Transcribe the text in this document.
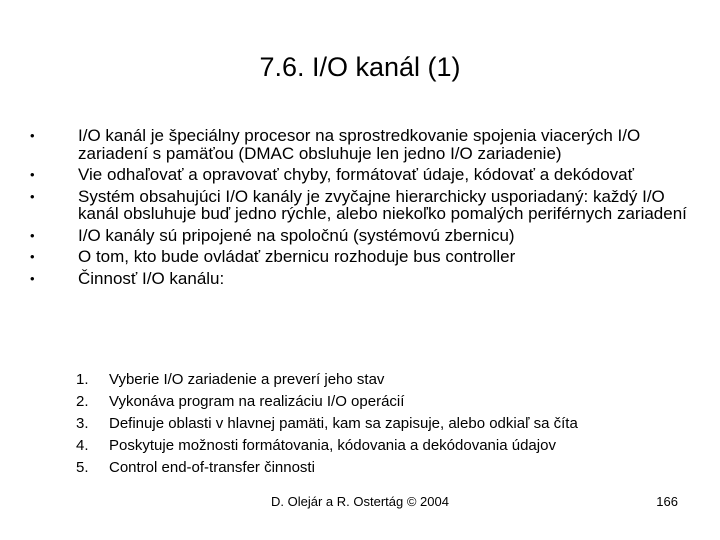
7.6. I/O kanál (1)
•	I/O kanál je špeciálny procesor na sprostredkovanie spojenia viacerých I/O zariadení s pamäťou (DMAC obsluhuje len jedno I/O zariadenie)
•	Vie odhaľovať a opravovať chyby, formátovať údaje, kódovať a dekódovať
•	Systém obsahujúci I/O kanály je zvyčajne hierarchicky usporiadaný: každý I/O kanál obsluhuje buď jedno rýchle, alebo niekoľko pomalých periférnych zariadení
•	I/O kanály sú pripojené na spoločnú (systémovú zbernicu)
•	O tom, kto bude ovládať zbernicu rozhoduje bus controller
•	Činnosť I/O kanálu:
1. Vyberie I/O zariadenie a preverí jeho stav
2. Vykonáva program na realizáciu I/O operácií
3. Definuje oblasti v hlavnej pamäti, kam sa zapisuje, alebo odkiaľ sa číta
4. Poskytuje možnosti formátovania, kódovania a dekódovania údajov
5. Control end-of-transfer činnosti
D. Olejár a R. Ostertág © 2004	166
